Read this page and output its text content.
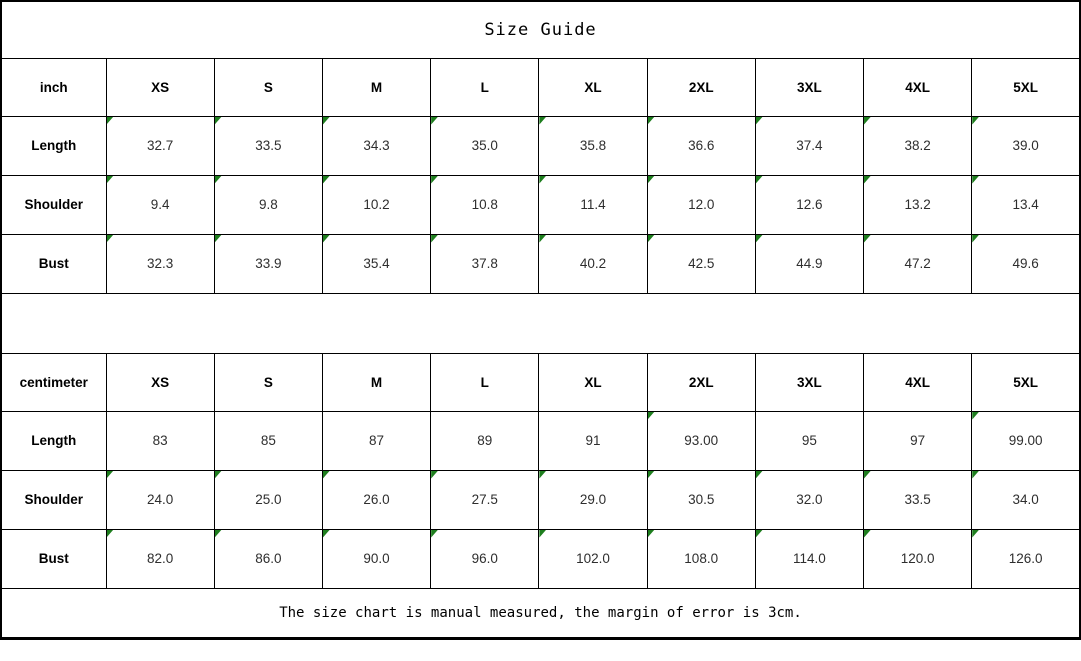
Size Guide									
inch	XS	S	M	L	XL	2XL	3XL	4XL	5XL
Length	32.7	33.5	34.3	35.0	35.8	36.6	37.4	38.2	39.0
Shoulder	9.4	9.8	10.2	10.8	11.4	12.0	12.6	13.2	13.4
Bust	32.3	33.9	35.4	37.8	40.2	42.5	44.9	47.2	49.6

centimeter	XS	S	M	L	XL	2XL	3XL	4XL	5XL
Length	83	85	87	89	91	93.00	95	97	99.00
Shoulder	24.0	25.0	26.0	27.5	29.0	30.5	32.0	33.5	34.0
Bust	82.0	86.0	90.0	96.0	102.0	108.0	114.0	120.0	126.0
The size chart is manual measured, the margin of error is 3cm.									
